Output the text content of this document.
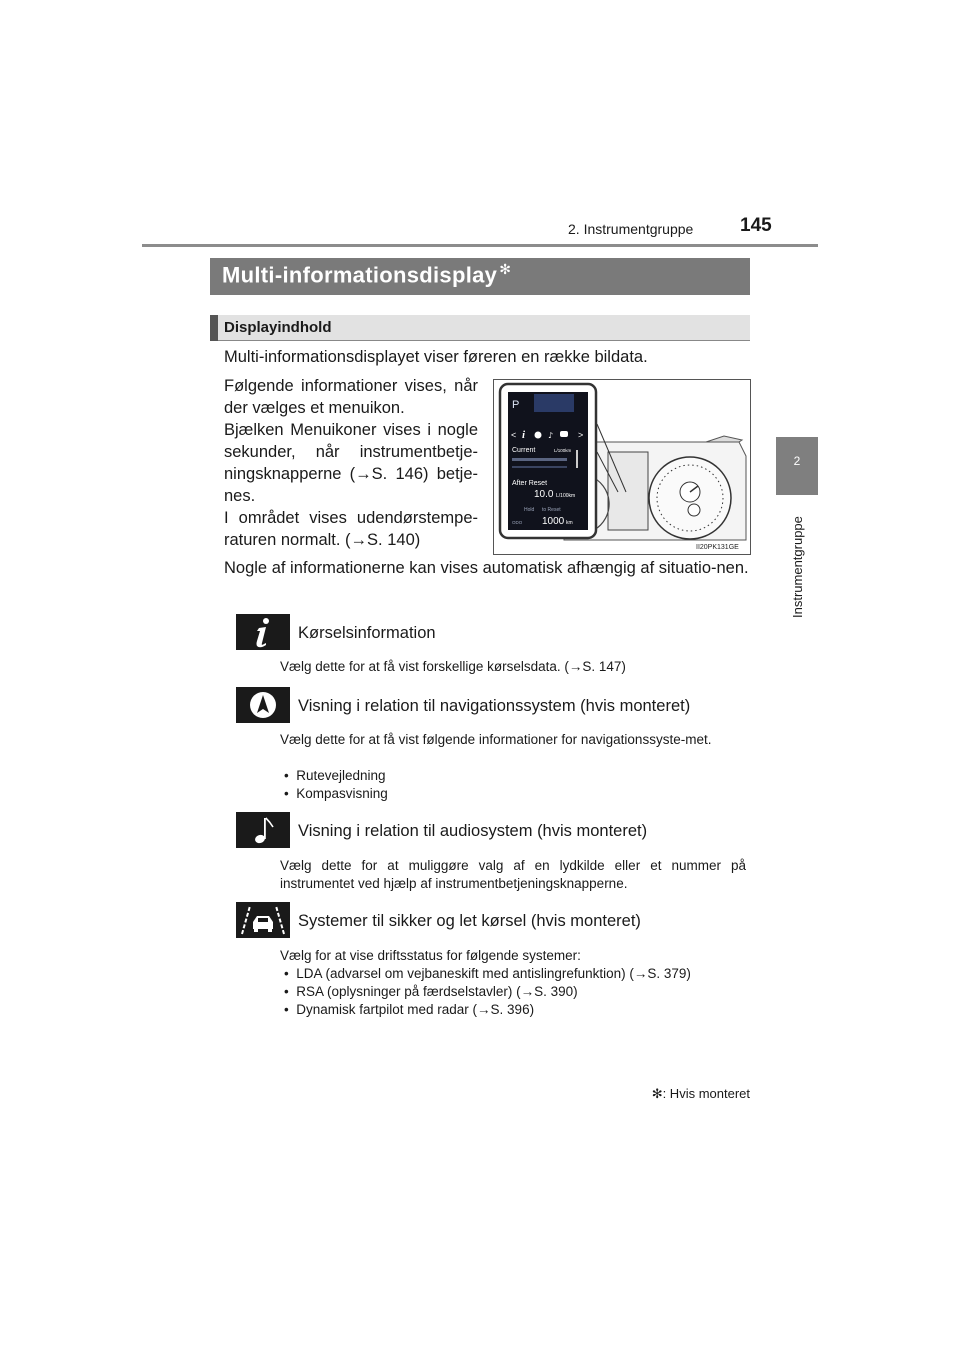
2. Instrumentgruppe 145
2
Instrumentgruppe
Multi-informationsdisplay ✻
Displayindhold
Multi-informationsdisplayet viser føreren en række bildata.
Følgende informationer vises, når der vælges et menuikon.
Bjælken Menuikoner vises i nogle sekunder, når instrumentbetje-ningsknapperne (→S. 146) betje-nes.
I området vises udendørstempe-raturen normalt. (→S. 140)
P
< i	♪	>
Current	L/100km
After Reset
10.0 L/100km
Hold to Reset
ODO 1000 km
II20PK131GE
Nogle af informationerne kan vises automatisk afhængig af situatio-nen.
Kørselsinformation
Vælg dette for at få vist forskellige kørselsdata. (→S. 147)
Visning i relation til navigationssystem (hvis monteret)
Vælg dette for at få vist følgende informationer for navigationssyste-met.
•  Rutevejledning
•  Kompasvisning
Visning i relation til audiosystem (hvis monteret)
Vælg dette for at muliggøre valg af en lydkilde eller et nummer på instrumentet ved hjælp af instrumentbetjeningsknapperne.
Systemer til sikker og let kørsel (hvis monteret)
Vælg for at vise driftsstatus for følgende systemer:
•  LDA (advarsel om vejbaneskift med antislingrefunktion) (→S. 379)
•  RSA (oplysninger på færdselstavler) (→S. 390)
•  Dynamisk fartpilot med radar (→S. 396)
✻: Hvis monteret
